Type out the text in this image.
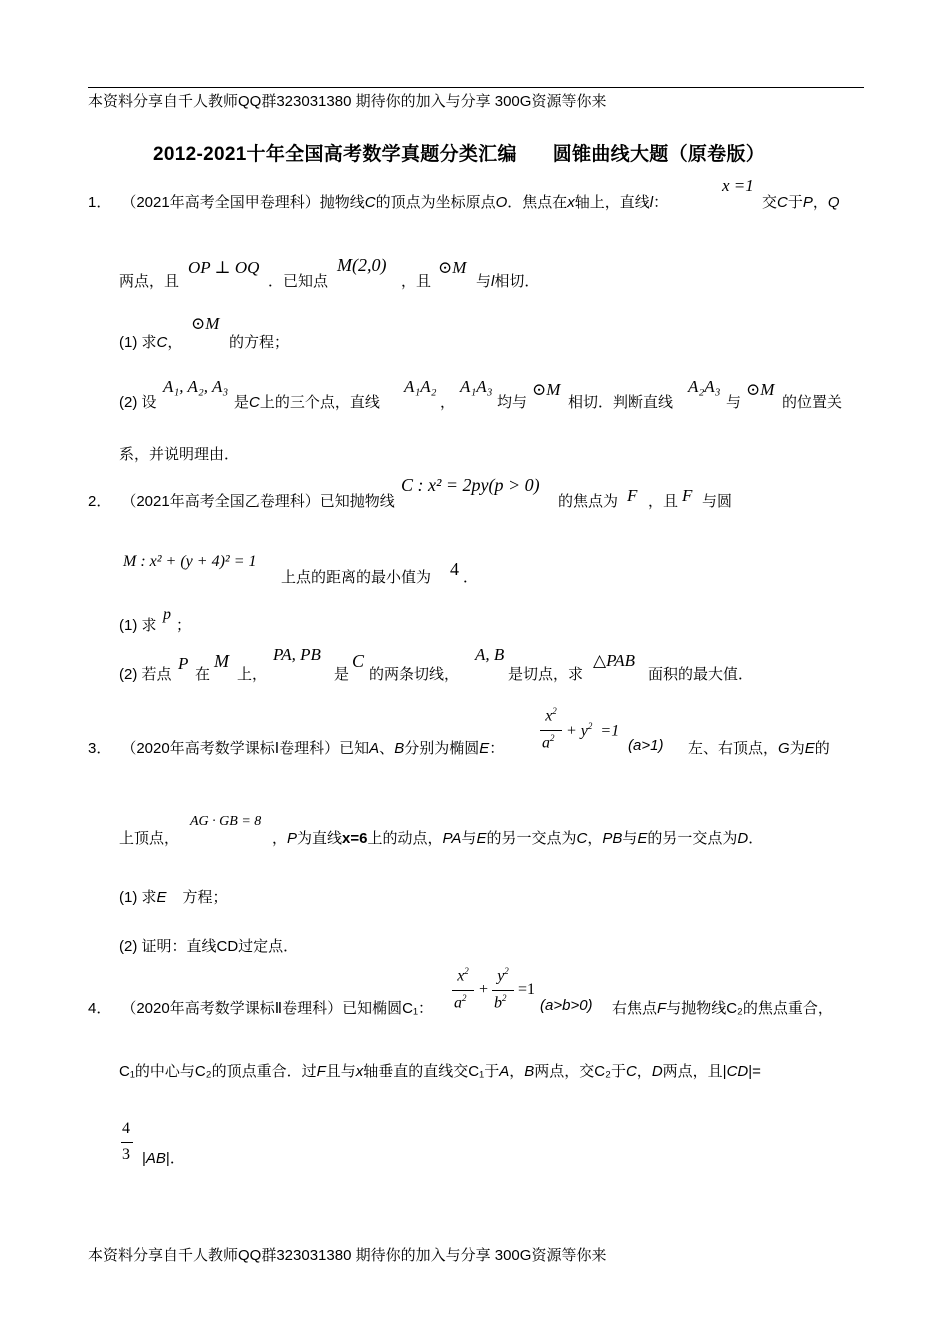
本资料分享自千人教师QQ群323031380 期待你的加入与分享 300G资源等你来
2012-2021十年全国高考数学真题分类汇编 圆锥曲线大题（原卷版）
1． （2021年高考全国甲卷理科）抛物线C的顶点为坐标原点O．焦点在x轴上，直线l：
x =1
交C于P，Q
两点，且
OP ⊥ OQ
．已知点
M(2,0)
，且
⊙M
与l相切．
(1) 求C，
⊙M
的方程；
(2) 设
A₁, A₂, A₃
是C上的三个点，直线
A₁A₂
，
A₁A₃
均与
⊙M
相切．判断直线
A₂A₃
与
⊙M
的位置关
系，并说明理由．
2． （2021年高考全国乙卷理科）已知抛物线
C : x² = 2py(p > 0)
的焦点为 F ，且 F 与圆
M : x² + (y + 4)² = 1
上点的距离的最小值为 4 ．
(1) 求
p
；
(2) 若点
P
在
M
上，
PA, PB
是
C
的两条切线，
A, B
是切点，求
△PAB
面积的最大值．
3． （2020年高考数学课标Ⅰ卷理科）已知A、B分别为椭圆E：
$x^2$
$a^2 + y^2 =1$
(a>1) 左、右顶点，G为E的
上顶点，
AG · GB = 8
，P为直线x=6上的动点，PA与E的另一交点为C，PB与E的另一交点为D．
(1) 求E 方程；
(2) 证明：直线CD过定点．
4． （2020年高考数学课标Ⅱ卷理科）已知椭圆C₁：
$x^2$
$a^2$ +
$y^2$
$b^2 =1$
(a>b>0) 右焦点F与抛物线C₂的焦点重合，
C₁的中心与C₂的顶点重合．过F且与x轴垂直的直线交C₁于A，B两点，交C₂于C，D两点，且|CD|=
4
3 |AB|．
本资料分享自千人教师QQ群323031380 期待你的加入与分享 300G资源等你来
